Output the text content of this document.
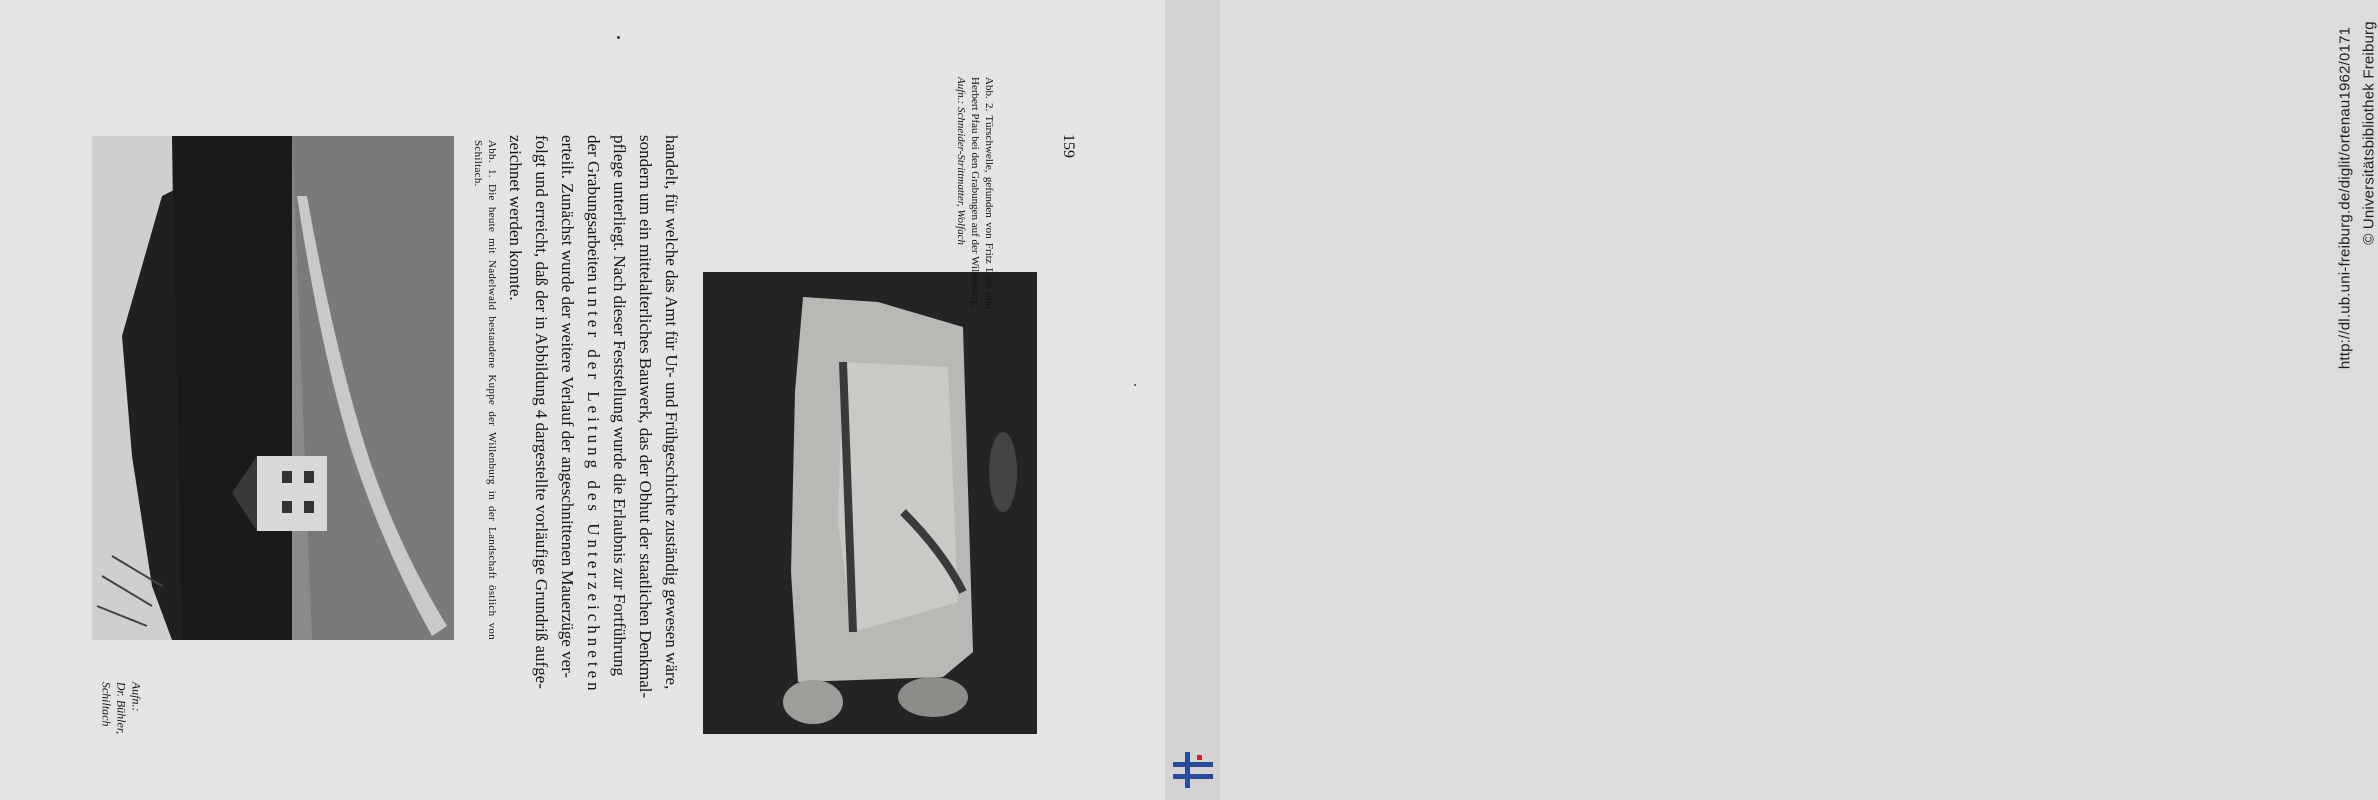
Aufn.:
Dr. Bühler,
Schiltach
Abb. 1. Die heute mit Nadelwald bestandene Kuppe der Willenburg in der Landschaft östlich von Schiltach.	handelt, für welche das Amt für Ur- und Frühgeschichte zuständig gewesen wäre,

sondern um ein mittelalterliches Bauwerk, das der Obhut der staatlichen Denkmal-

pflege unterliegt. Nach dieser Feststellung wurde die Erlaubnis zur Fortführung

der Grabungsarbeiten unter der Leitung des Unterzeichneten

erteilt. Zunächst wurde der weitere Verlauf der angeschnittenen Mauerzüge ver-

folgt und erreicht, daß der in Abbildung 4 dargestellte vorläufige Grundriß aufge-

zeichnet werden konnte.	Abb. 2. Türschwelle, gefunden von Fritz Laib und Herbert Pfau bei den Grabungen auf der Willenburg.
Aufn.: Schneider-Strittmatter, Wolfach	159	http://dl.ub.uni-freiburg.de/diglit/ortenau1962/0171 © Universitätsbibliothek Freiburg
